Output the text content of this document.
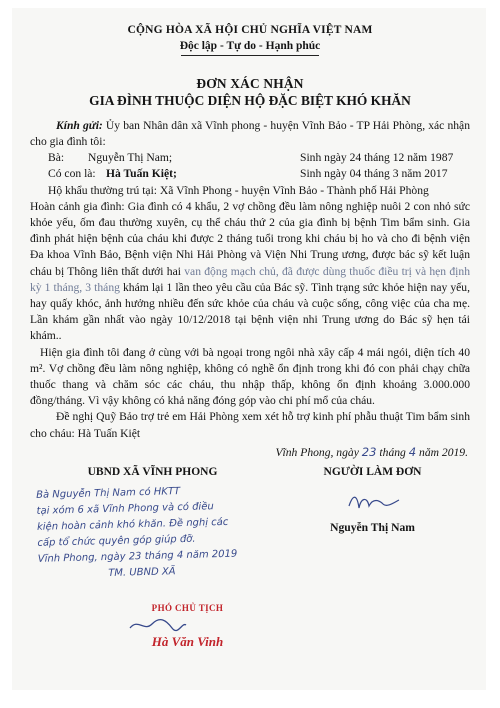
CỘNG HÒA XÃ HỘI CHỦ NGHĨA VIỆT NAM
Độc lập - Tự do - Hạnh phúc
ĐƠN XÁC NHẬN
GIA ĐÌNH THUỘC DIỆN HỘ ĐẶC BIỆT KHÓ KHĂN

Kính gửi: Ủy ban Nhân dân xã Vĩnh phong - huyện Vĩnh Bảo - TP Hải Phòng, xác nhận cho gia đình tôi:

Bà:	Nguyễn Thị Nam;	Sinh ngày 24 tháng 12 năm 1987
Có con là: Hà Tuấn Kiệt;	Sinh ngày 04 tháng 3 năm 2017

Hộ khẩu thường trú tại: Xã Vĩnh Phong - huyện Vĩnh Bảo - Thành phố Hải Phòng

Hoàn cảnh gia đình: Gia đình có 4 khẩu, 2 vợ chồng đều làm nông nghiệp nuôi 2 con nhỏ sức khỏe yếu, ốm đau thường xuyên, cụ thể cháu thứ 2 của gia đình bị bệnh Tim bẩm sinh. Gia đình phát hiện bệnh của cháu khi được 2 tháng tuổi trong khi cháu bị ho và cho đi bệnh viện Đa khoa Vĩnh Bảo, Bệnh viện Nhi Hải Phòng và Viện Nhi Trung ương, được bác sỹ kết luận cháu bị Thông liên thất dưới hai van động mạch chủ, đã được dùng thuốc điều trị và hẹn định kỳ 1 tháng, 3 tháng khám lại 1 lần theo yêu cầu của Bác sỹ. Tình trạng sức khỏe hiện nay yếu, hay quấy khóc, ảnh hưởng nhiều đến sức khỏe của cháu và cuộc sống, công việc của cha mẹ. Lần khám gần nhất vào ngày 10/12/2018 tại bệnh viện nhi Trung ương do Bác sỹ hẹn tái khám..

Hiện gia đình tôi đang ở cùng với bà ngoại trong ngôi nhà xây cấp 4 mái ngói, diện tích 40 m². Vợ chồng đều làm nông nghiệp, không có nghề ổn định trong khi đó con phải chạy chữa thuốc thang và chăm sóc các cháu, thu nhập thấp, không ổn định khoảng 3.000.000 đồng/tháng. Vì vậy không có khả năng đóng góp vào chi phí mổ của cháu.

Đề nghị Quỹ Bảo trợ trẻ em Hải Phòng xem xét hỗ trợ kinh phí phẫu thuật Tim bẩm sinh cho cháu: Hà Tuấn Kiệt

Vĩnh Phong, ngày 23 tháng 4 năm 2019.
UBND XÃ VĨNH PHONG
Bà Nguyễn Thị Nam có HKTT
tại xóm 6 xã Vĩnh Phong và có điều
kiện hoàn cảnh khó khăn. Đề nghị các
cấp tổ chức quyên góp giúp đỡ.
Vĩnh Phong, ngày 23 tháng 4 năm 2019
TM. UBND XÃ
PHÓ CHỦ TỊCH
Hà Văn Vinh
NGƯỜI LÀM ĐƠN
Nguyễn Thị Nam
